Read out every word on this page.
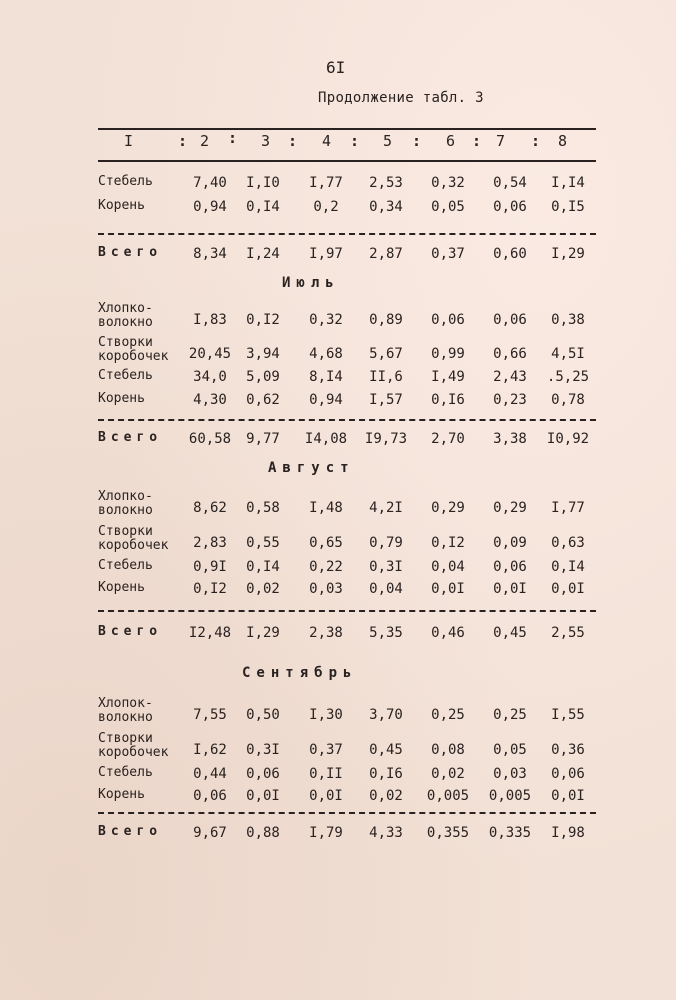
6I
Продолжение табл. 3
I	: 2 : 3 : 4 : 5 : 6 : 7 : 8
Стебель	7,40	I,I0	I,77	2,53	0,32	0,54	I,I4
Корень	0,94	0,I4	0,2	0,34	0,05	0,06	0,I5
Всего	8,34	I,24	I,97	2,87	0,37	0,60	I,29
Июль
Хлопко-
волокно	I,83	0,I2	0,32	0,89	0,06	0,06	0,38
Створки
коробочек	20,45	3,94	4,68	5,67	0,99	0,66	4,5I
Стебель	34,0	5,09	8,I4	II,6	I,49	2,43	.5,25
Корень	4,30	0,62	0,94	I,57	0,I6	0,23	0,78
Всего	60,58	9,77	I4,08	I9,73	2,70	3,38	I0,92
Август
Хлопко-
волокно	8,62	0,58	I,48	4,2I	0,29	0,29	I,77
Створки
коробочек	2,83	0,55	0,65	0,79	0,I2	0,09	0,63
Стебель	0,9I	0,I4	0,22	0,3I	0,04	0,06	0,I4
Корень	0,I2	0,02	0,03	0,04	0,0I	0,0I	0,0I
Всего	I2,48	I,29	2,38	5,35	0,46	0,45	2,55
Сентябрь
Хлопок-
волокно	7,55	0,50	I,30	3,70	0,25	0,25	I,55
Створки
коробочек	I,62	0,3I	0,37	0,45	0,08	0,05	0,36
Стебель	0,44	0,06	0,II	0,I6	0,02	0,03	0,06
Корень	0,06	0,0I	0,0I	0,02	0,005	0,005	0,0I
Всего	9,67	0,88	I,79	4,33	0,355	0,335	I,98
